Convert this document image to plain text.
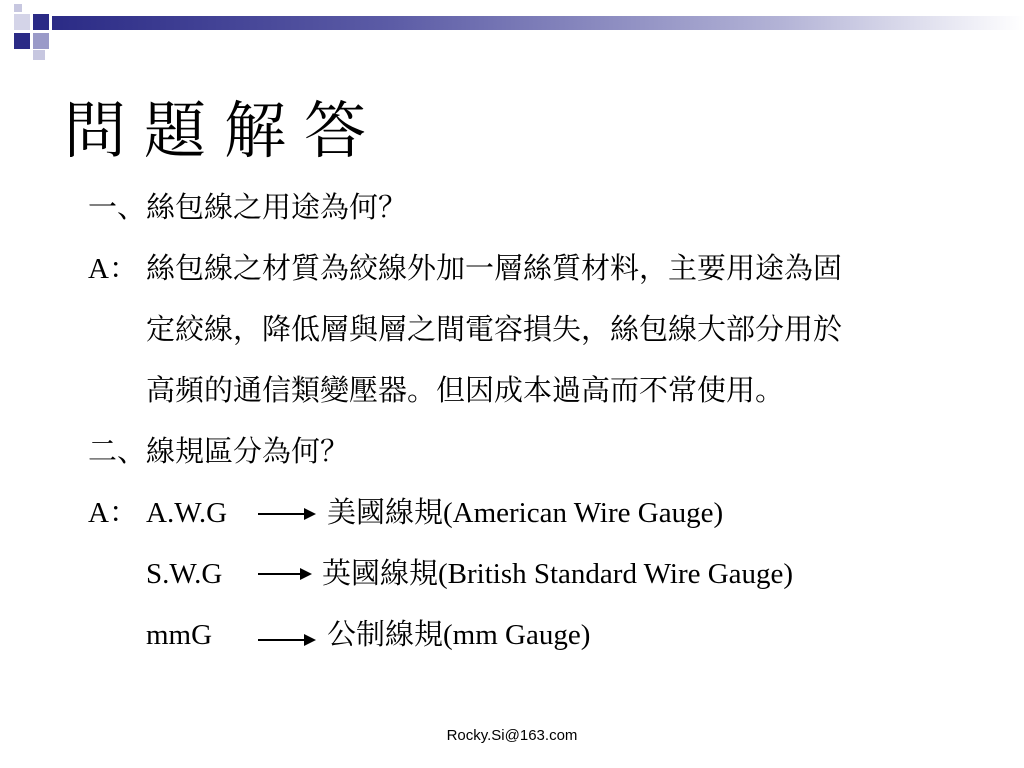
問題解答
一、絲包線之用途為何？
A： 絲包線之材質為絞線外加一層絲質材料，主要用途為固
定絞線，降低層與層之間電容損失，絲包線大部分用於
高頻的通信類變壓器。但因成本過高而不常使用。
二、線規區分為何？
A： A.W.G	美國線規(American Wire Gauge)
S.W.G	英國線規(British Standard Wire Gauge)
mmG	公制線規(mm Gauge)
Rocky.Si@163.com
